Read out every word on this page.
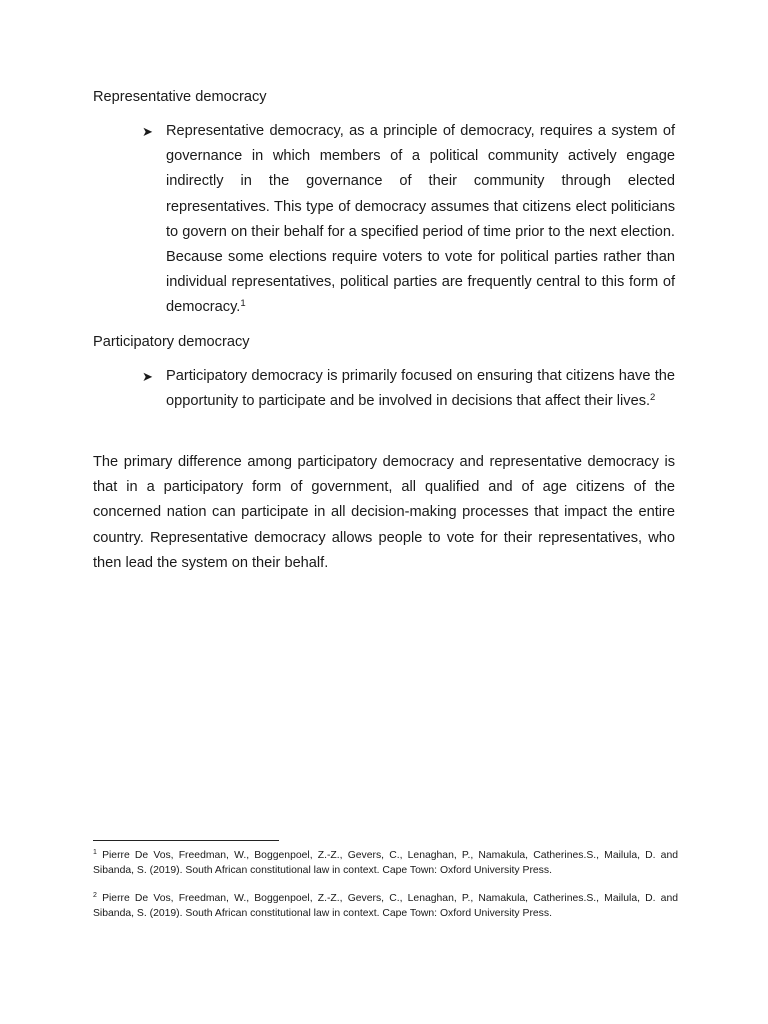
Representative democracy

➤ Representative democracy, as a principle of democracy, requires a system of governance in which members of a political community actively engage indirectly in the governance of their community through elected representatives. This type of democracy assumes that citizens elect politicians to govern on their behalf for a specified period of time prior to the next election. Because some elections require voters to vote for political parties rather than individual representatives, political parties are frequently central to this form of democracy.$^1$

Participatory democracy

➤ Participatory democracy is primarily focused on ensuring that citizens have the opportunity to participate and be involved in decisions that affect their lives.$^2$

The primary difference among participatory democracy and representative democracy is that in a participatory form of government, all qualified and of age citizens of the concerned nation can participate in all decision-making processes that impact the entire country. Representative democracy allows people to vote for their representatives, who then lead the system on their behalf.

$^1$ Pierre De Vos, Freedman, W., Boggenpoel, Z.-Z., Gevers, C., Lenaghan, P., Namakula, Catherines.S., Mailula, D. and Sibanda, S. (2019). South African constitutional law in context. Cape Town: Oxford University Press.

$^2$ Pierre De Vos, Freedman, W., Boggenpoel, Z.-Z., Gevers, C., Lenaghan, P., Namakula, Catherines.S., Mailula, D. and Sibanda, S. (2019). South African constitutional law in context. Cape Town: Oxford University Press.
